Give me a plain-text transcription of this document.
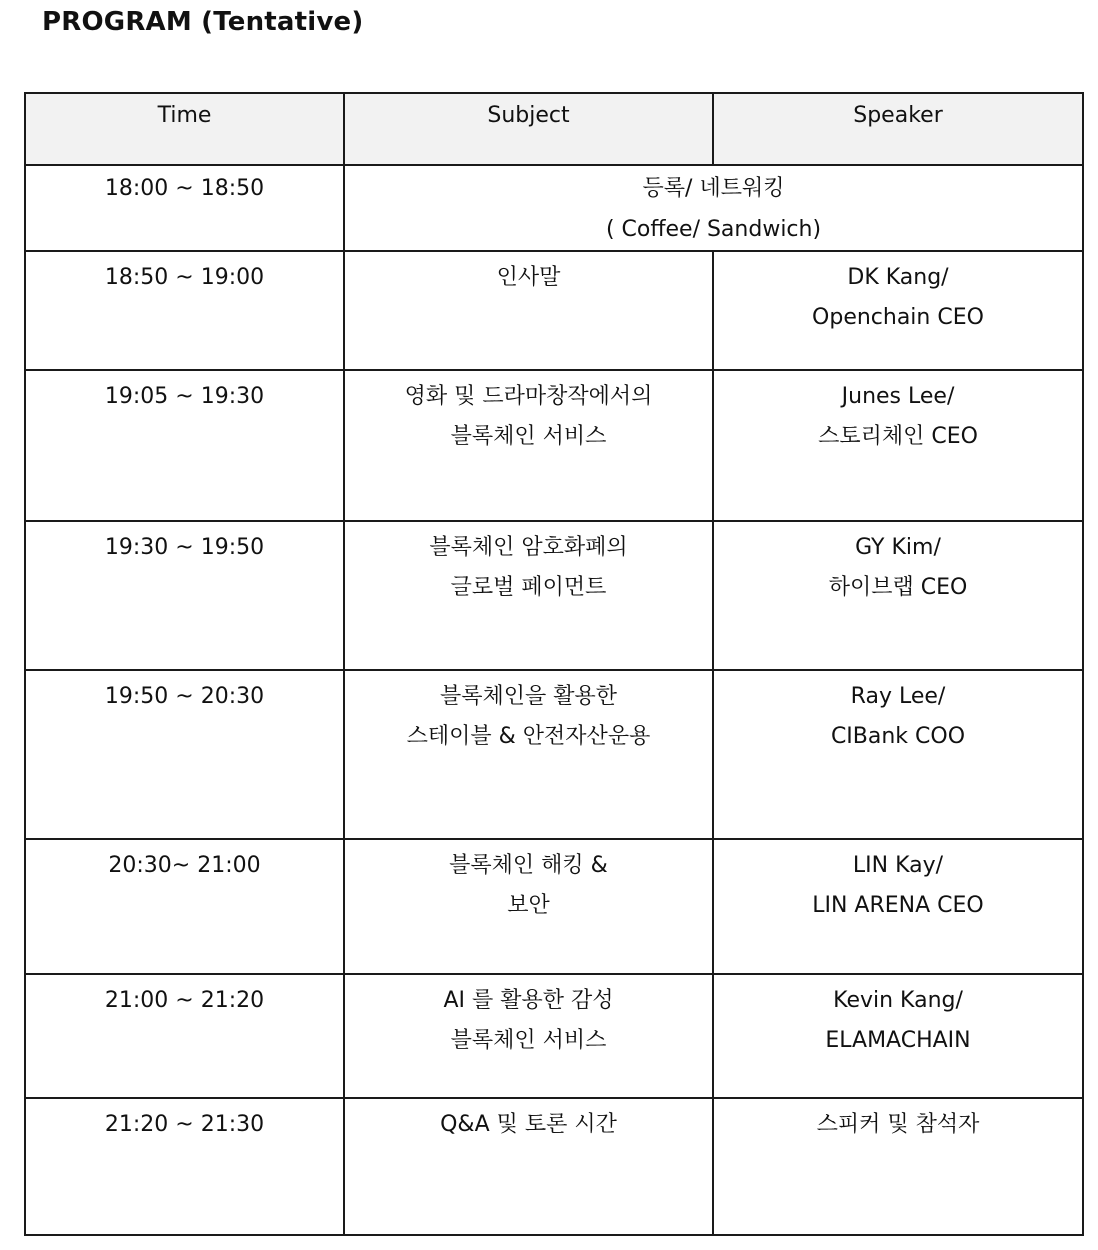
PROGRAM (Tentative)
Time	Subject	Speaker
18:00 ~ 18:50	등록/ 네트워킹
( Coffee/ Sandwich)	

18:50 ~ 19:00	인사말	DK Kang/
Openchain CEO

19:05 ~ 19:30	영화 및 드라마창작에서의
블록체인 서비스	Junes Lee/
스토리체인 CEO

19:30 ~ 19:50	블록체인 암호화폐의
글로벌 페이먼트	GY Kim/
하이브랩 CEO

19:50 ~ 20:30	블록체인을 활용한
스테이블 & 안전자산운용	Ray Lee/
CIBank COO

20:30~ 21:00	블록체인 해킹 &
보안	LIN Kay/
LIN ARENA CEO

21:00 ~ 21:20	AI 를 활용한 감성
블록체인 서비스	Kevin Kang/
ELAMACHAIN

21:20 ~ 21:30	Q&A 및 토론 시간	스피커 및 참석자
